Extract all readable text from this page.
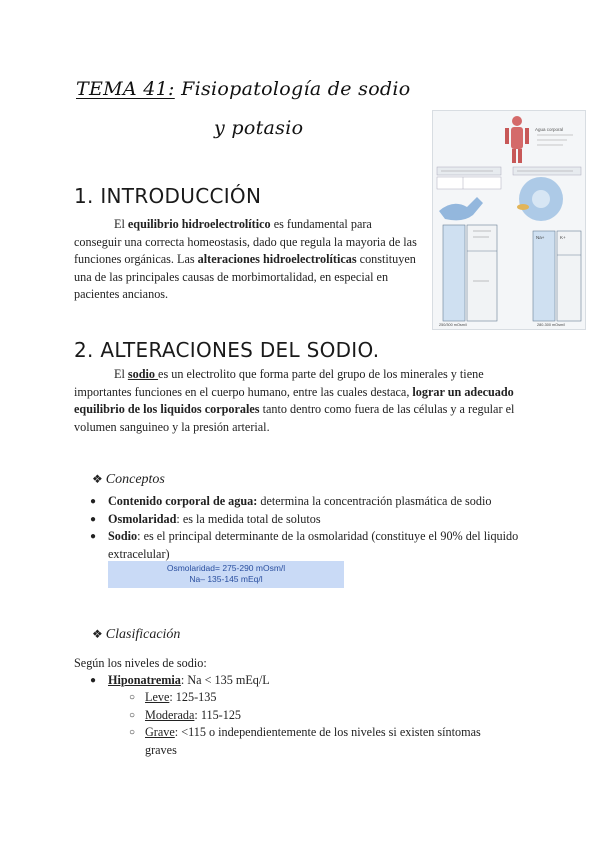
TEMA 41: Fisiopatología de sodio
y potasio	Agua corporal
Na+	K+
250/300 mOsm/l	280-300 mOsm/l
1. INTRODUCCIÓN
El equilibrio hidroelectrolítico es fundamental para conseguir una correcta homeostasis, dado que regula la mayoria de las funciones orgánicas. Las alteraciones hidroelectrolíticas constituyen una de las principales causas de morbimortalidad, en especial en pacientes ancianos.
2. ALTERACIONES DEL SODIO.
El sodio es un electrolito que forma parte del grupo de los minerales y tiene importantes funciones en el cuerpo humano, entre las cuales destaca, lograr un adecuado equilibrio de los liquidos corporales tanto dentro como fuera de las células y a regular el volumen sanguineo y la presión arterial.
❖ Conceptos
● Contenido corporal de agua: determina la concentración plasmática de sodio
● Osmolaridad: es la medida total de solutos
● Sodio: es el principal determinante de la osmolaridad (constituye el 90% del liquido extracelular)
Osmolaridad= 275-290 mOsm/l
Na– 135-145 mEq/l
❖ Clasificación
Según los niveles de sodio:
● Hiponatremia: Na < 135 mEq/L
○ Leve: 125-135
○ Moderada: 115-125
○ Grave: <115 o independientemente de los niveles si existen síntomas graves
